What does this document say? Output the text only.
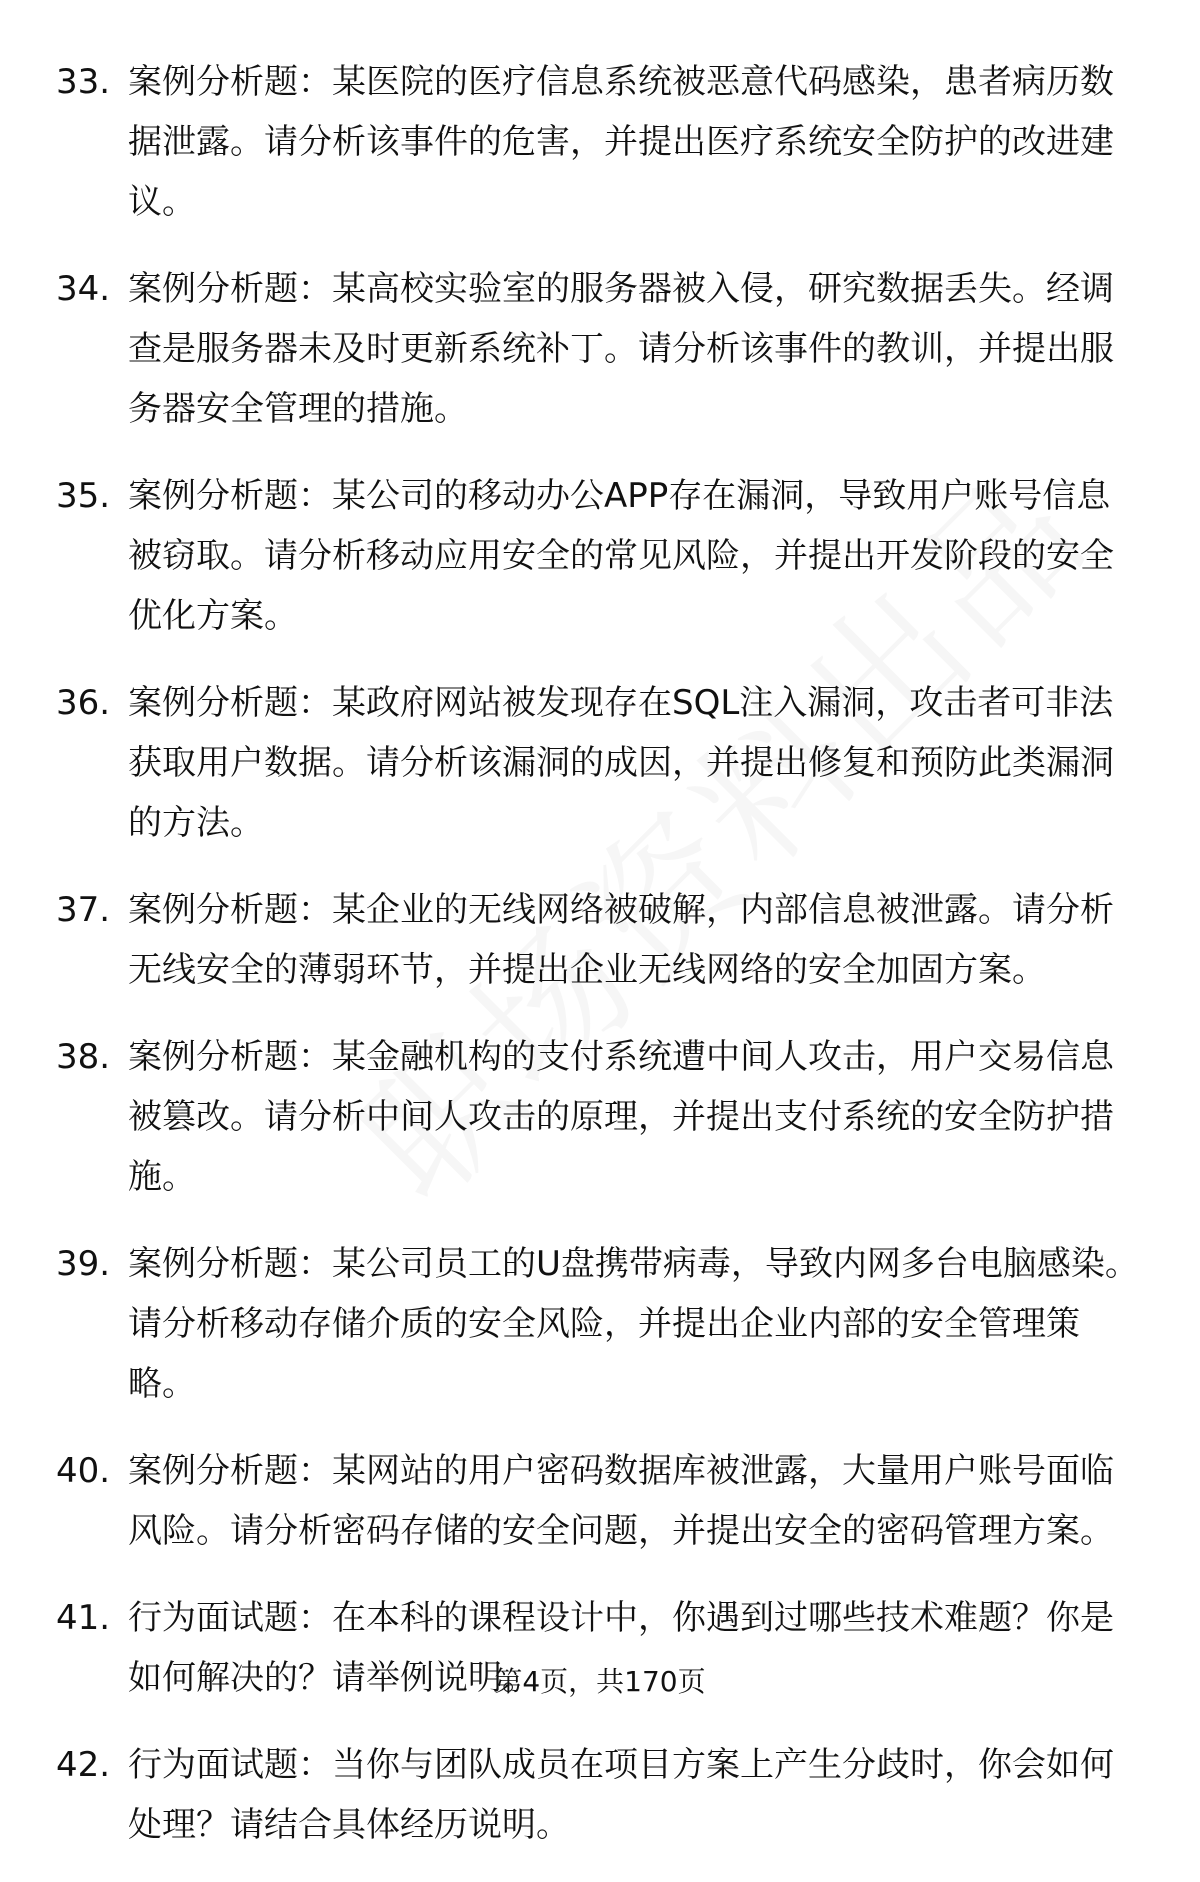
33. 案例分析题：某医院的医疗信息系统被恶意代码感染，患者病历数据泄露。请分析该事件的危害，并提出医疗系统安全防护的改进建议。
34. 案例分析题：某高校实验室的服务器被入侵，研究数据丢失。经调查是服务器未及时更新系统补丁。请分析该事件的教训，并提出服务器安全管理的措施。
35. 案例分析题：某公司的移动办公APP存在漏洞，导致用户账号信息被窃取。请分析移动应用安全的常见风险，并提出开发阶段的安全优化方案。
36. 案例分析题：某政府网站被发现存在SQL注入漏洞，攻击者可非法获取用户数据。请分析该漏洞的成因，并提出修复和预防此类漏洞的方法。
37. 案例分析题：某企业的无线网络被破解，内部信息被泄露。请分析无线安全的薄弱环节，并提出企业无线网络的安全加固方案。
38. 案例分析题：某金融机构的支付系统遭中间人攻击，用户交易信息被篡改。请分析中间人攻击的原理，并提出支付系统的安全防护措施。
39. 案例分析题：某公司员工的U盘携带病毒，导致内网多台电脑感染。请分析移动存储介质的安全风险，并提出企业内部的安全管理策略。
40. 案例分析题：某网站的用户密码数据库被泄露，大量用户账号面临风险。请分析密码存储的安全问题，并提出安全的密码管理方案。
41. 行为面试题：在本科的课程设计中，你遇到过哪些技术难题？你是如何解决的？请举例说明。
42. 行为面试题：当你与团队成员在项目方案上产生分歧时，你会如何处理？请结合具体经历说明。
第4页，共170页
